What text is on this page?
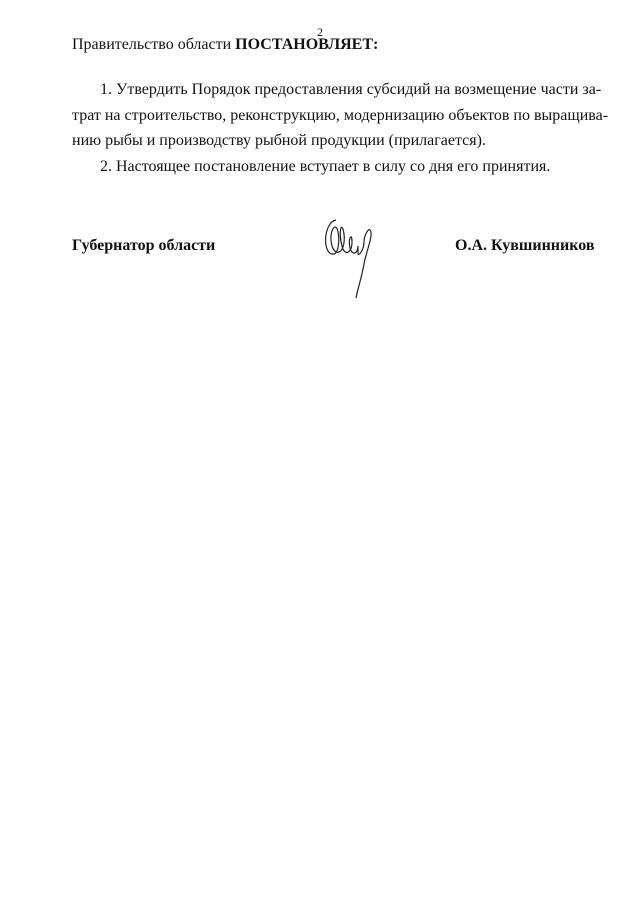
2
Правительство области ПОСТАНОВЛЯЕТ:
1. Утвердить Порядок предоставления субсидий на возмещение части за-
трат на строительство, реконструкцию, модернизацию объектов по выращива-
нию рыбы и производству рыбной продукции (прилагается).
2. Настоящее постановление вступает в силу со дня его принятия.
Губернатор области	О.А. Кувшинников
